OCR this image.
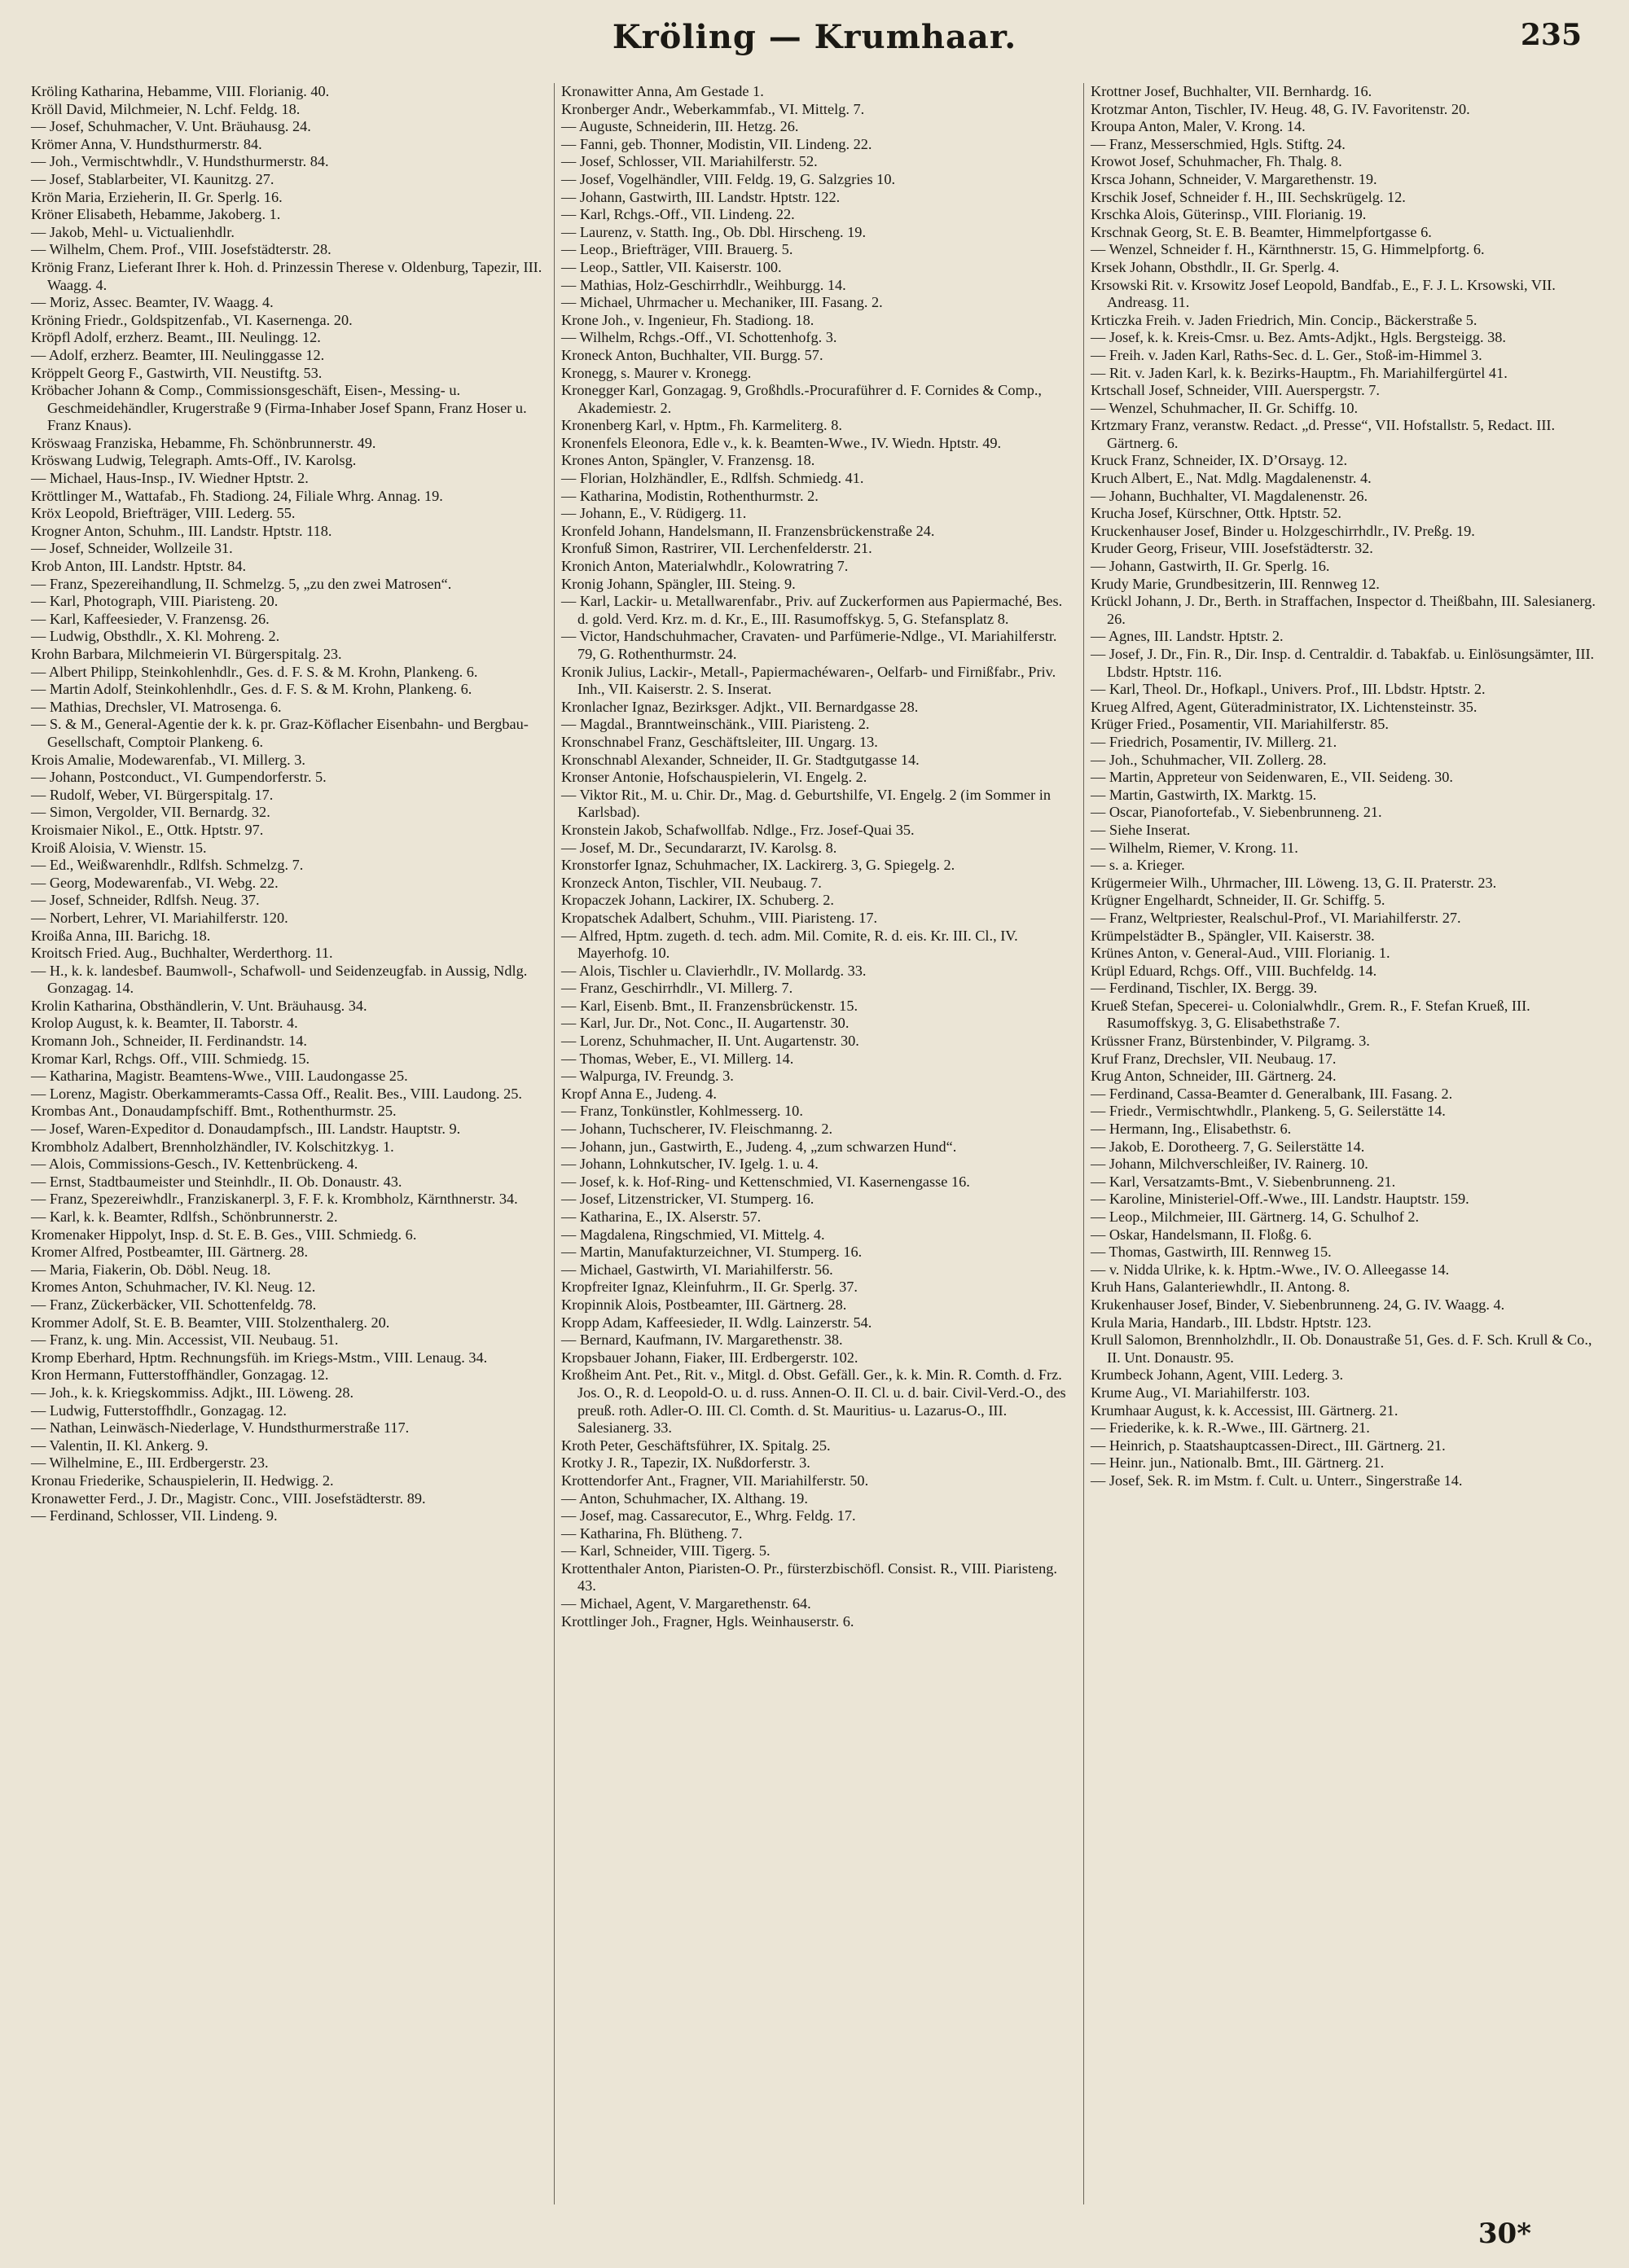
Kröling — Krumhaar.	235

Kröling Katharina, Hebamme, VIII. Florianig. 40.

Kröll David, Milchmeier, N. Lchf. Feldg. 18.

— Josef, Schuhmacher, V. Unt. Bräuhausg. 24.

Krömer Anna, V. Hundsthurmerstr. 84.

— Joh., Vermischtwhdlr., V. Hundsthurmerstr. 84.

— Josef, Stablarbeiter, VI. Kaunitzg. 27.

Krön Maria, Erzieherin, II. Gr. Sperlg. 16.

Kröner Elisabeth, Hebamme, Jakoberg. 1.

— Jakob, Mehl- u. Victualienhdlr.

— Wilhelm, Chem. Prof., VIII. Josefstädterstr. 28.

Krönig Franz, Lieferant Ihrer k. Hoh. d. Prinzessin Therese v. Oldenburg, Tapezir, III. Waagg. 4.

— Moriz, Assec. Beamter, IV. Waagg. 4.

Kröning Friedr., Goldspitzenfab., VI. Kasernenga. 20.

Kröpfl Adolf, erzherz. Beamt., III. Neulingg. 12.

— Adolf, erzherz. Beamter, III. Neulinggasse 12.

Kröppelt Georg F., Gastwirth, VII. Neustiftg. 53.

Kröbacher Johann & Comp., Commissionsgeschäft, Eisen-, Messing- u. Geschmeidehändler, Krugerstraße 9 (Firma-Inhaber Josef Spann, Franz Hoser u. Franz Knaus).

Kröswaag Franziska, Hebamme, Fh. Schönbrunnerstr. 49.

Kröswang Ludwig, Telegraph. Amts-Off., IV. Karolsg.

— Michael, Haus-Insp., IV. Wiedner Hptstr. 2.

Kröttlinger M., Wattafab., Fh. Stadiong. 24, Filiale Whrg. Annag. 19.

Kröx Leopold, Briefträger, VIII. Lederg. 55.

Krogner Anton, Schuhm., III. Landstr. Hptstr. 118.

— Josef, Schneider, Wollzeile 31.

Krob Anton, III. Landstr. Hptstr. 84.

— Franz, Spezereihandlung, II. Schmelzg. 5, „zu den zwei Matrosen“.

— Karl, Photograph, VIII. Piaristeng. 20.

— Karl, Kaffeesieder, V. Franzensg. 26.

— Ludwig, Obsthdlr., X. Kl. Mohreng. 2.

Krohn Barbara, Milchmeierin VI. Bürgerspitalg. 23.

— Albert Philipp, Steinkohlenhdlr., Ges. d. F. S. & M. Krohn, Plankeng. 6.

— Martin Adolf, Steinkohlenhdlr., Ges. d. F. S. & M. Krohn, Plankeng. 6.

— Mathias, Drechsler, VI. Matrosenga. 6.

— S. & M., General-Agentie der k. k. pr. Graz-Köflacher Eisenbahn- und Bergbau-Gesellschaft, Comptoir Plankeng. 6.

Krois Amalie, Modewarenfab., VI. Millerg. 3.

— Johann, Postconduct., VI. Gumpendorferstr. 5.

— Rudolf, Weber, VI. Bürgerspitalg. 17.

— Simon, Vergolder, VII. Bernardg. 32.

Kroismaier Nikol., E., Ottk. Hptstr. 97.

Kroiß Aloisia, V. Wienstr. 15.

— Ed., Weißwarenhdlr., Rdlfsh. Schmelzg. 7.

— Georg, Modewarenfab., VI. Webg. 22.

— Josef, Schneider, Rdlfsh. Neug. 37.

— Norbert, Lehrer, VI. Mariahilferstr. 120.

Kroißa Anna, III. Barichg. 18.

Kroitsch Fried. Aug., Buchhalter, Werderthorg. 11.

— H., k. k. landesbef. Baumwoll-, Schafwoll- und Seidenzeugfab. in Aussig, Ndlg. Gonzagag. 14.

Krolin Katharina, Obsthändlerin, V. Unt. Bräuhausg. 34.

Krolop August, k. k. Beamter, II. Taborstr. 4.

Kromann Joh., Schneider, II. Ferdinandstr. 14.

Kromar Karl, Rchgs. Off., VIII. Schmiedg. 15.

— Katharina, Magistr. Beamtens-Wwe., VIII. Laudongasse 25.

— Lorenz, Magistr. Oberkammeramts-Cassa Off., Realit. Bes., VIII. Laudong. 25.

Krombas Ant., Donaudampfschiff. Bmt., Rothenthurmstr. 25.

— Josef, Waren-Expeditor d. Donaudampfsch., III. Landstr. Hauptstr. 9.

Krombholz Adalbert, Brennholzhändler, IV. Kolschitzkyg. 1.

— Alois, Commissions-Gesch., IV. Kettenbrückeng. 4.

— Ernst, Stadtbaumeister und Steinhdlr., II. Ob. Donaustr. 43.

— Franz, Spezereiwhdlr., Franziskanerpl. 3, F. F. k. Krombholz, Kärnthnerstr. 34.

— Karl, k. k. Beamter, Rdlfsh., Schönbrunnerstr. 2.

Kromenaker Hippolyt, Insp. d. St. E. B. Ges., VIII. Schmiedg. 6.

Kromer Alfred, Postbeamter, III. Gärtnerg. 28.

— Maria, Fiakerin, Ob. Döbl. Neug. 18.

Kromes Anton, Schuhmacher, IV. Kl. Neug. 12.

— Franz, Zückerbäcker, VII. Schottenfeldg. 78.

Krommer Adolf, St. E. B. Beamter, VIII. Stolzenthalerg. 20.

— Franz, k. ung. Min. Accessist, VII. Neubaug. 51.

Kromp Eberhard, Hptm. Rechnungsfüh. im Kriegs-Mstm., VIII. Lenaug. 34.

Kron Hermann, Futterstoffhändler, Gonzagag. 12.

— Joh., k. k. Kriegskommiss. Adjkt., III. Löweng. 28.

— Ludwig, Futterstoffhdlr., Gonzagag. 12.

— Nathan, Leinwäsch-Niederlage, V. Hundsthurmerstraße 117.

— Valentin, II. Kl. Ankerg. 9.

— Wilhelmine, E., III. Erdbergerstr. 23.

Kronau Friederike, Schauspielerin, II. Hedwigg. 2.

Kronawetter Ferd., J. Dr., Magistr. Conc., VIII. Josefstädterstr. 89.

— Ferdinand, Schlosser, VII. Lindeng. 9.

Kronawitter Anna, Am Gestade 1.

Kronberger Andr., Weberkammfab., VI. Mittelg. 7.

— Auguste, Schneiderin, III. Hetzg. 26.

— Fanni, geb. Thonner, Modistin, VII. Lindeng. 22.

— Josef, Schlosser, VII. Mariahilferstr. 52.

— Josef, Vogelhändler, VIII. Feldg. 19, G. Salzgries 10.

— Johann, Gastwirth, III. Landstr. Hptstr. 122.

— Karl, Rchgs.-Off., VII. Lindeng. 22.

— Laurenz, v. Statth. Ing., Ob. Dbl. Hirscheng. 19.

— Leop., Briefträger, VIII. Brauerg. 5.

— Leop., Sattler, VII. Kaiserstr. 100.

— Mathias, Holz-Geschirrhdlr., Weihburgg. 14.

— Michael, Uhrmacher u. Mechaniker, III. Fasang. 2.

Krone Joh., v. Ingenieur, Fh. Stadiong. 18.

— Wilhelm, Rchgs.-Off., VI. Schottenhofg. 3.

Kroneck Anton, Buchhalter, VII. Burgg. 57.

Kronegg, s. Maurer v. Kronegg.

Kronegger Karl, Gonzagag. 9, Großhdls.-Procuraführer d. F. Cornides & Comp., Akademiestr. 2.

Kronenberg Karl, v. Hptm., Fh. Karmeliterg. 8.

Kronenfels Eleonora, Edle v., k. k. Beamten-Wwe., IV. Wiedn. Hptstr. 49.

Krones Anton, Spängler, V. Franzensg. 18.

— Florian, Holzhändler, E., Rdlfsh. Schmiedg. 41.

— Katharina, Modistin, Rothenthurmstr. 2.

— Johann, E., V. Rüdigerg. 11.

Kronfeld Johann, Handelsmann, II. Franzensbrückenstraße 24.

Kronfuß Simon, Rastrirer, VII. Lerchenfelderstr. 21.

Kronich Anton, Materialwhdlr., Kolowratring 7.

Kronig Johann, Spängler, III. Steing. 9.

— Karl, Lackir- u. Metallwarenfabr., Priv. auf Zuckerformen aus Papiermaché, Bes. d. gold. Verd. Krz. m. d. Kr., E., III. Rasumoffskyg. 5, G. Stefansplatz 8.

— Victor, Handschuhmacher, Cravaten- und Parfümerie-Ndlge., VI. Mariahilferstr. 79, G. Rothenthurmstr. 24.

Kronik Julius, Lackir-, Metall-, Papiermachéwaren-, Oelfarb- und Firnißfabr., Priv. Inh., VII. Kaiserstr. 2. S. Inserat.

Kronlacher Ignaz, Bezirksger. Adjkt., VII. Bernardgasse 28.

— Magdal., Branntweinschänk., VIII. Piaristeng. 2.

Kronschnabel Franz, Geschäftsleiter, III. Ungarg. 13.

Kronschnabl Alexander, Schneider, II. Gr. Stadtgutgasse 14.

Kronser Antonie, Hofschauspielerin, VI. Engelg. 2.

— Viktor Rit., M. u. Chir. Dr., Mag. d. Geburtshilfe, VI. Engelg. 2 (im Sommer in Karlsbad).

Kronstein Jakob, Schafwollfab. Ndlge., Frz. Josef-Quai 35.

— Josef, M. Dr., Secundararzt, IV. Karolsg. 8.

Kronstorfer Ignaz, Schuhmacher, IX. Lackirerg. 3, G. Spiegelg. 2.

Kronzeck Anton, Tischler, VII. Neubaug. 7.

Kropaczek Johann, Lackirer, IX. Schuberg. 2.

Kropatschek Adalbert, Schuhm., VIII. Piaristeng. 17.

— Alfred, Hptm. zugeth. d. tech. adm. Mil. Comite, R. d. eis. Kr. III. Cl., IV. Mayerhofg. 10.

— Alois, Tischler u. Clavierhdlr., IV. Mollardg. 33.

— Franz, Geschirrhdlr., VI. Millerg. 7.

— Karl, Eisenb. Bmt., II. Franzensbrückenstr. 15.

— Karl, Jur. Dr., Not. Conc., II. Augartenstr. 30.

— Lorenz, Schuhmacher, II. Unt. Augartenstr. 30.

— Thomas, Weber, E., VI. Millerg. 14.

— Walpurga, IV. Freundg. 3.

Kropf Anna E., Judeng. 4.

— Franz, Tonkünstler, Kohlmesserg. 10.

— Johann, Tuchscherer, IV. Fleischmanng. 2.

— Johann, jun., Gastwirth, E., Judeng. 4, „zum schwarzen Hund“.

— Johann, Lohnkutscher, IV. Igelg. 1. u. 4.

— Josef, k. k. Hof-Ring- und Kettenschmied, VI. Kasernengasse 16.

— Josef, Litzenstricker, VI. Stumperg. 16.

— Katharina, E., IX. Alserstr. 57.

— Magdalena, Ringschmied, VI. Mittelg. 4.

— Martin, Manufakturzeichner, VI. Stumperg. 16.

— Michael, Gastwirth, VI. Mariahilferstr. 56.

Kropfreiter Ignaz, Kleinfuhrm., II. Gr. Sperlg. 37.

Kropinnik Alois, Postbeamter, III. Gärtnerg. 28.

Kropp Adam, Kaffeesieder, II. Wdlg. Lainzerstr. 54.

— Bernard, Kaufmann, IV. Margarethenstr. 38.

Kropsbauer Johann, Fiaker, III. Erdbergerstr. 102.

Kroßheim Ant. Pet., Rit. v., Mitgl. d. Obst. Gefäll. Ger., k. k. Min. R. Comth. d. Frz. Jos. O., R. d. Leopold-O. u. d. russ. Annen-O. II. Cl. u. d. bair. Civil-Verd.-O., des preuß. roth. Adler-O. III. Cl. Comth. d. St. Mauritius- u. Lazarus-O., III. Salesianerg. 33.

Kroth Peter, Geschäftsführer, IX. Spitalg. 25.

Krotky J. R., Tapezir, IX. Nußdorferstr. 3.

Krottendorfer Ant., Fragner, VII. Mariahilferstr. 50.

— Anton, Schuhmacher, IX. Althang. 19.

— Josef, mag. Cassarecutor, E., Whrg. Feldg. 17.

— Katharina, Fh. Blütheng. 7.

— Karl, Schneider, VIII. Tigerg. 5.

Krottenthaler Anton, Piaristen-O. Pr., fürsterzbischöfl. Consist. R., VIII. Piaristeng. 43.

— Michael, Agent, V. Margarethenstr. 64.

Krottlinger Joh., Fragner, Hgls. Weinhauserstr. 6.

Krottner Josef, Buchhalter, VII. Bernhardg. 16.

Krotzmar Anton, Tischler, IV. Heug. 48, G. IV. Favoritenstr. 20.

Kroupa Anton, Maler, V. Krong. 14.

— Franz, Messerschmied, Hgls. Stiftg. 24.

Krowot Josef, Schuhmacher, Fh. Thalg. 8.

Krsca Johann, Schneider, V. Margarethenstr. 19.

Krschik Josef, Schneider f. H., III. Sechskrügelg. 12.

Krschka Alois, Güterinsp., VIII. Florianig. 19.

Krschnak Georg, St. E. B. Beamter, Himmelpfortgasse 6.

— Wenzel, Schneider f. H., Kärnthnerstr. 15, G. Himmelpfortg. 6.

Krsek Johann, Obsthdlr., II. Gr. Sperlg. 4.

Krsowski Rit. v. Krsowitz Josef Leopold, Bandfab., E., F. J. L. Krsowski, VII. Andreasg. 11.

Krticzka Freih. v. Jaden Friedrich, Min. Concip., Bäckerstraße 5.

— Josef, k. k. Kreis-Cmsr. u. Bez. Amts-Adjkt., Hgls. Bergsteigg. 38.

— Freih. v. Jaden Karl, Raths-Sec. d. L. Ger., Stoß-im-Himmel 3.

— Rit. v. Jaden Karl, k. k. Bezirks-Hauptm., Fh. Mariahilfergürtel 41.

Krtschall Josef, Schneider, VIII. Auerspergstr. 7.

— Wenzel, Schuhmacher, II. Gr. Schiffg. 10.

Krtzmary Franz, veranstw. Redact. „d. Presse“, VII. Hofstallstr. 5, Redact. III. Gärtnerg. 6.

Kruck Franz, Schneider, IX. D’Orsayg. 12.

Kruch Albert, E., Nat. Mdlg. Magdalenenstr. 4.

— Johann, Buchhalter, VI. Magdalenenstr. 26.

Krucha Josef, Kürschner, Ottk. Hptstr. 52.

Kruckenhauser Josef, Binder u. Holzgeschirrhdlr., IV. Preßg. 19.

Kruder Georg, Friseur, VIII. Josefstädterstr. 32.

— Johann, Gastwirth, II. Gr. Sperlg. 16.

Krudy Marie, Grundbesitzerin, III. Rennweg 12.

Krückl Johann, J. Dr., Berth. in Straffachen, Inspector d. Theißbahn, III. Salesianerg. 26.

— Agnes, III. Landstr. Hptstr. 2.

— Josef, J. Dr., Fin. R., Dir. Insp. d. Centraldir. d. Tabakfab. u. Einlösungsämter, III. Lbdstr. Hptstr. 116.

— Karl, Theol. Dr., Hofkapl., Univers. Prof., III. Lbdstr. Hptstr. 2.

Krueg Alfred, Agent, Güteradministrator, IX. Lichtensteinstr. 35.

Krüger Fried., Posamentir, VII. Mariahilferstr. 85.

— Friedrich, Posamentir, IV. Millerg. 21.

— Joh., Schuhmacher, VII. Zollerg. 28.

— Martin, Appreteur von Seidenwaren, E., VII. Seideng. 30.

— Martin, Gastwirth, IX. Marktg. 15.

— Oscar, Pianofortefab., V. Siebenbrunneng. 21.

— Siehe Inserat.

— Wilhelm, Riemer, V. Krong. 11.

— s. a. Krieger.

Krügermeier Wilh., Uhrmacher, III. Löweng. 13, G. II. Praterstr. 23.

Krügner Engelhardt, Schneider, II. Gr. Schiffg. 5.

— Franz, Weltpriester, Realschul-Prof., VI. Mariahilferstr. 27.

Krümpelstädter B., Spängler, VII. Kaiserstr. 38.

Krünes Anton, v. General-Aud., VIII. Florianig. 1.

Krüpl Eduard, Rchgs. Off., VIII. Buchfeldg. 14.

— Ferdinand, Tischler, IX. Bergg. 39.

Krueß Stefan, Specerei- u. Colonialwhdlr., Grem. R., F. Stefan Krueß, III. Rasumoffskyg. 3, G. Elisabethstraße 7.

Krüssner Franz, Bürstenbinder, V. Pilgramg. 3.

Kruf Franz, Drechsler, VII. Neubaug. 17.

Krug Anton, Schneider, III. Gärtnerg. 24.

— Ferdinand, Cassa-Beamter d. Generalbank, III. Fasang. 2.

— Friedr., Vermischtwhdlr., Plankeng. 5, G. Seilerstätte 14.

— Hermann, Ing., Elisabethstr. 6.

— Jakob, E. Dorotheerg. 7, G. Seilerstätte 14.

— Johann, Milchverschleißer, IV. Rainerg. 10.

— Karl, Versatzamts-Bmt., V. Siebenbrunneng. 21.

— Karoline, Ministeriel-Off.-Wwe., III. Landstr. Hauptstr. 159.

— Leop., Milchmeier, III. Gärtnerg. 14, G. Schulhof 2.

— Oskar, Handelsmann, II. Floßg. 6.

— Thomas, Gastwirth, III. Rennweg 15.

— v. Nidda Ulrike, k. k. Hptm.-Wwe., IV. O. Alleegasse 14.

Kruh Hans, Galanteriewhdlr., II. Antong. 8.

Krukenhauser Josef, Binder, V. Siebenbrunneng. 24, G. IV. Waagg. 4.

Krula Maria, Handarb., III. Lbdstr. Hptstr. 123.

Krull Salomon, Brennholzhdlr., II. Ob. Donaustraße 51, Ges. d. F. Sch. Krull & Co., II. Unt. Donaustr. 95.

Krumbeck Johann, Agent, VIII. Lederg. 3.

Krume Aug., VI. Mariahilferstr. 103.

Krumhaar August, k. k. Accessist, III. Gärtnerg. 21.

— Friederike, k. k. R.-Wwe., III. Gärtnerg. 21.

— Heinrich, p. Staatshauptcassen-Direct., III. Gärtnerg. 21.

— Heinr. jun., Nationalb. Bmt., III. Gärtnerg. 21.

— Josef, Sek. R. im Mstm. f. Cult. u. Unterr., Singerstraße 14.

30*
